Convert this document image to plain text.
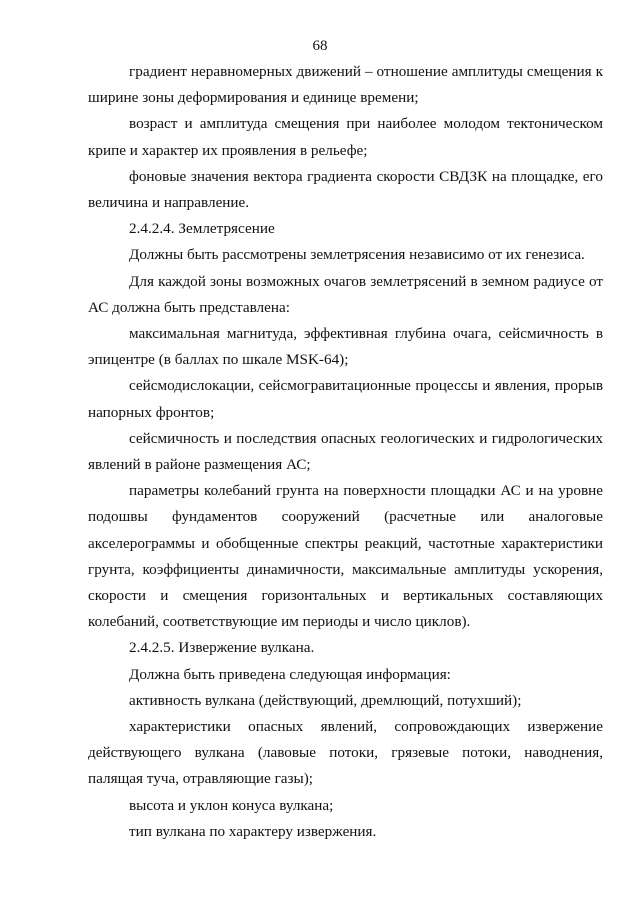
68

градиент неравномерных движений – отношение амплитуды смещения к ширине зоны деформирования и единице времени;

возраст и амплитуда смещения при наиболее молодом тектоническом крипе и характер их проявления в рельефе;

фоновые значения вектора градиента скорости СВДЗК на площадке, его величина и направление.

2.4.2.4. Землетрясение

Должны быть рассмотрены землетрясения независимо от их генезиса.

Для каждой зоны возможных очагов землетрясений в земном радиусе от АС должна быть представлена:

максимальная магнитуда, эффективная глубина очага, сейсмичность в эпицентре (в баллах по шкале MSK-64);

сейсмодислокации, сейсмогравитационные процессы и явления, прорыв напорных фронтов;

сейсмичность и последствия опасных геологических и гидрологических явлений в районе размещения АС;

параметры колебаний грунта на поверхности площадки АС и на уровне подошвы фундаментов сооружений (расчетные или аналоговые акселерограммы и обобщенные спектры реакций, частотные характеристики грунта, коэффициенты динамичности, максимальные амплитуды ускорения, скорости и смещения горизонтальных и вертикальных составляющих колебаний, соответствующие им периоды и число циклов).

2.4.2.5. Извержение вулкана.

Должна быть приведена следующая информация:

активность вулкана (действующий, дремлющий, потухший);

характеристики опасных явлений, сопровождающих извержение действующего вулкана (лавовые потоки, грязевые потоки, наводнения, палящая туча, отравляющие газы);

высота и уклон конуса вулкана;

тип вулкана по характеру извержения.
